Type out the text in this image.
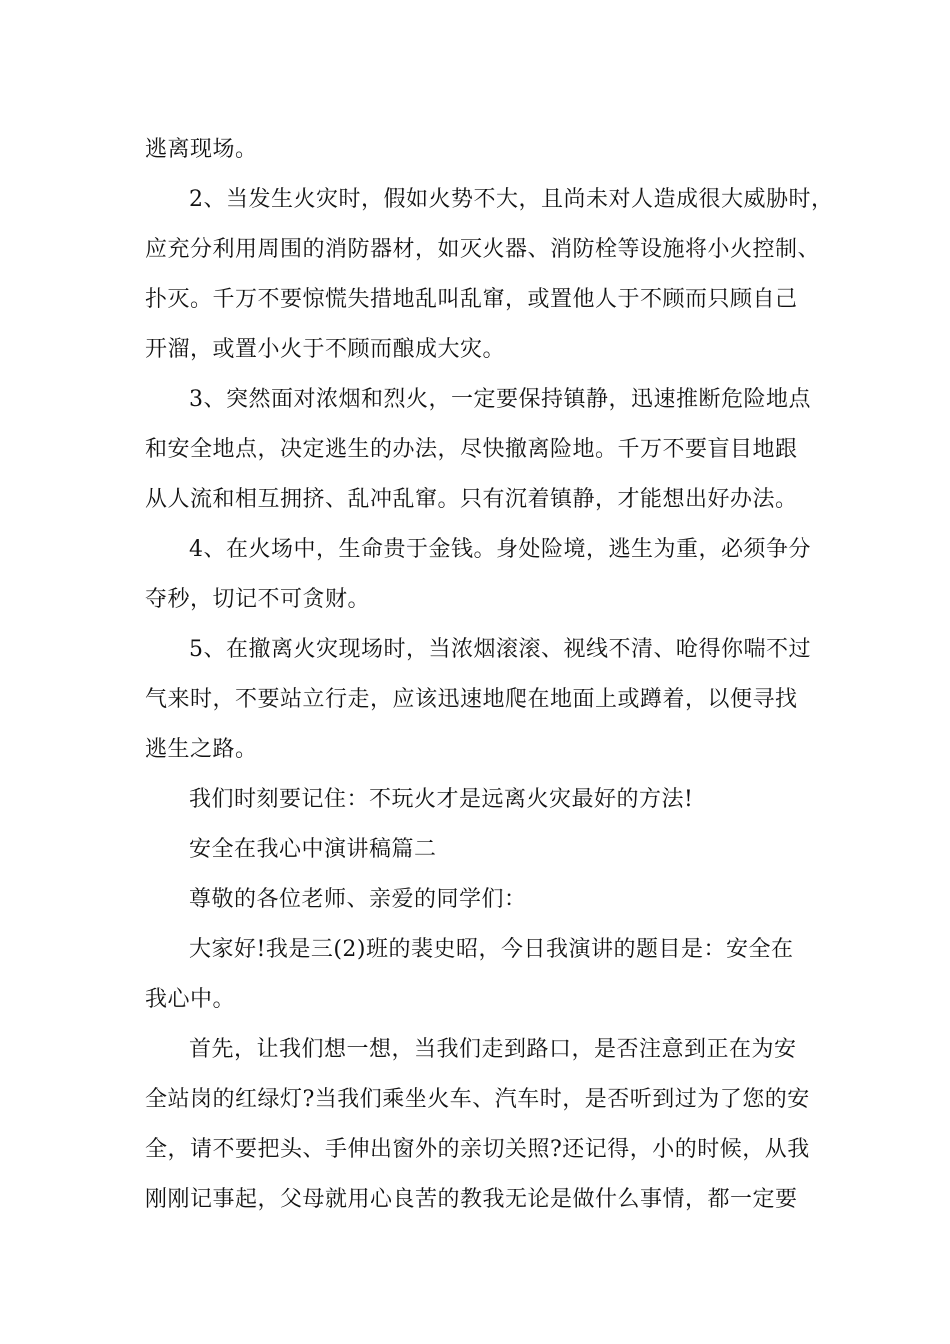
逃离现场。
2、当发生火灾时，假如火势不大，且尚未对人造成很大威胁时，
应充分利用周围的消防器材，如灭火器、消防栓等设施将小火控制、
扑灭。千万不要惊慌失措地乱叫乱窜，或置他人于不顾而只顾自己
开溜，或置小火于不顾而酿成大灾。
3、突然面对浓烟和烈火，一定要保持镇静，迅速推断危险地点
和安全地点，决定逃生的办法，尽快撤离险地。千万不要盲目地跟
从人流和相互拥挤、乱冲乱窜。只有沉着镇静，才能想出好办法。
4、在火场中，生命贵于金钱。身处险境，逃生为重，必须争分
夺秒，切记不可贪财。
5、在撤离火灾现场时，当浓烟滚滚、视线不清、呛得你喘不过
气来时，不要站立行走，应该迅速地爬在地面上或蹲着，以便寻找
逃生之路。
我们时刻要记住：不玩火才是远离火灾最好的方法!
安全在我心中演讲稿篇二
尊敬的各位老师、亲爱的同学们：
大家好!我是三(2)班的裴史昭，今日我演讲的题目是：安全在
我心中。
首先，让我们想一想，当我们走到路口，是否注意到正在为安
全站岗的红绿灯?当我们乘坐火车、汽车时，是否听到过为了您的安
全，请不要把头、手伸出窗外的亲切关照?还记得，小的时候，从我
刚刚记事起，父母就用心良苦的教我无论是做什么事情，都一定要
